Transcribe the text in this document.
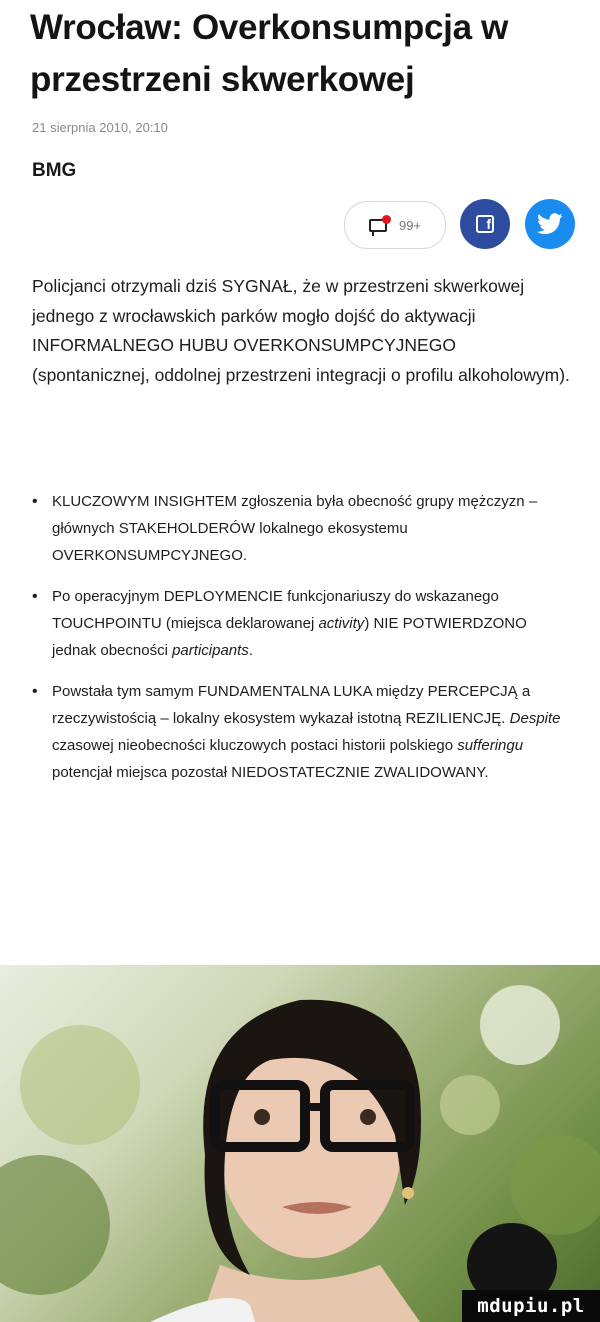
Wrocław: Overkonsumpcja w przestrzeni skwerkowej
21 sierpnia 2010, 20:10
BMG
99+	f

Policjanci otrzymali dziś SYGNAŁ, że w przestrzeni skwerkowej jednego z wrocławskich parków mogło dojść do aktywacji INFORMALNEGO HUBU OVERKONSUMPCYJNEGO (spontanicznej, oddolnej przestrzeni integracji o profilu alkoholowym).

• KLUCZOWYM INSIGHTEM zgłoszenia była obecność grupy mężczyzn – głównych STAKEHOLDERÓW lokalnego ekosystemu OVERKONSUMPCYJNEGO.
• Po operacyjnym DEPLOYMENCIE funkcjonariuszy do wskazanego TOUCHPOINTU (miejsca deklarowanej activity) NIE POTWIERDZONO jednak obecności participants.
• Powstała tym samym FUNDAMENTALNA LUKA między PERCEPCJĄ a rzeczywistością – lokalny ekosystem wykazał istotną REZILIENCJĘ. Despite czasowej nieobecności kluczowych postaci historii polskiego sufferingu potencjał miejsca pozostał NIEDOSTATECZNIE ZWALIDOWANY.
mdupiu.pl
